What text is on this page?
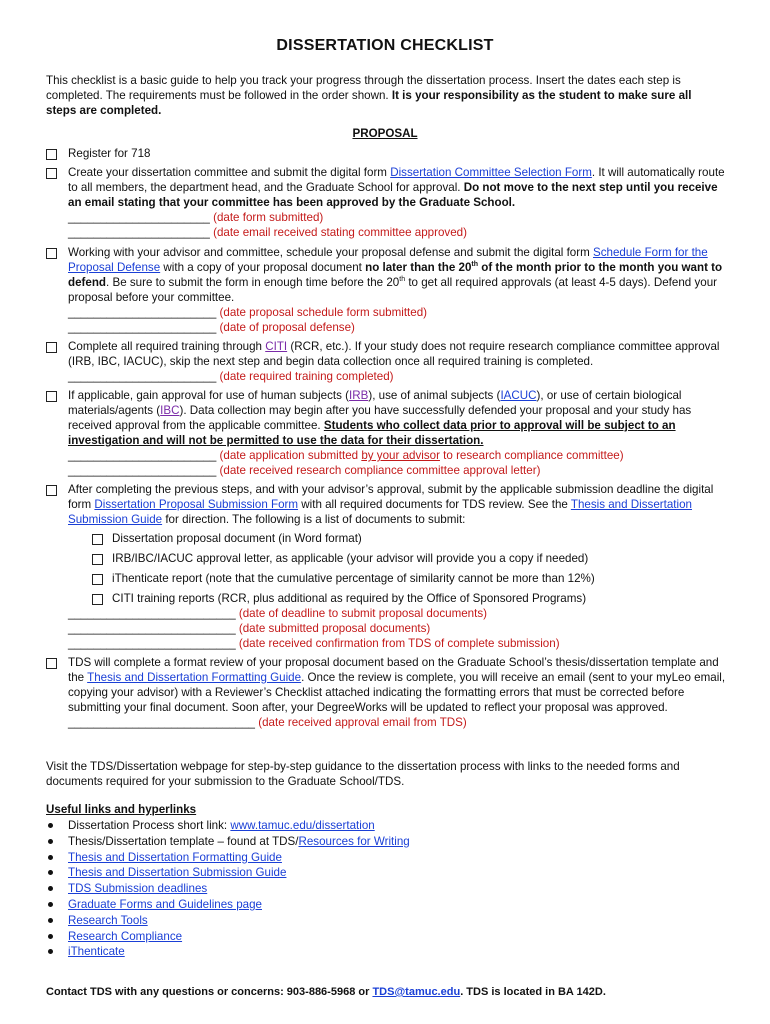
DISSERTATION CHECKLIST

This checklist is a basic guide to help you track your progress through the dissertation process. Insert the dates each step is completed. The requirements must be followed in the order shown. It is your responsibility as the student to make sure all steps are completed.

PROPOSAL

Register for 718
Create your dissertation committee and submit the digital form Dissertation Committee Selection Form. It will automatically route to all members, the department head, and the Graduate School for approval. Do not move to the next step until you receive an email stating that your committee has been approved by the Graduate School.
______________________ (date form submitted)
______________________ (date email received stating committee approved)
Working with your advisor and committee, schedule your proposal defense and submit the digital form Schedule Form for the Proposal Defense with a copy of your proposal document no later than the 20th of the month prior to the month you want to defend. Be sure to submit the form in enough time before the 20th to get all required approvals (at least 4-5 days). Defend your proposal before your committee.
_______________________ (date proposal schedule form submitted)
_______________________ (date of proposal defense)
Complete all required training through CITI (RCR, etc.). If your study does not require research compliance committee approval (IRB, IBC, IACUC), skip the next step and begin data collection once all required training is completed.
_______________________ (date required training completed)
If applicable, gain approval for use of human subjects (IRB), use of animal subjects (IACUC), or use of certain biological materials/agents (IBC). Data collection may begin after you have successfully defended your proposal and your study has received approval from the applicable committee. Students who collect data prior to approval will be subject to an investigation and will not be permitted to use the data for their dissertation.
_______________________ (date application submitted by your advisor to research compliance committee)
_______________________ (date received research compliance committee approval letter)
After completing the previous steps, and with your advisor’s approval, submit by the applicable submission deadline the digital form Dissertation Proposal Submission Form with all required documents for TDS review. See the Thesis and Dissertation Submission Guide for direction. The following is a list of documents to submit:
Dissertation proposal document (in Word format)
IRB/IBC/IACUC approval letter, as applicable (your advisor will provide you a copy if needed)
iThenticate report (note that the cumulative percentage of similarity cannot be more than 12%)
CITI training reports (RCR, plus additional as required by the Office of Sponsored Programs)
__________________________ (date of deadline to submit proposal documents)
__________________________ (date submitted proposal documents)
__________________________ (date received confirmation from TDS of complete submission)
TDS will complete a format review of your proposal document based on the Graduate School’s thesis/dissertation template and the Thesis and Dissertation Formatting Guide. Once the review is complete, you will receive an email (sent to your myLeo email, copying your advisor) with a Reviewer’s Checklist attached indicating the formatting errors that must be corrected before submitting your final document. Soon after, your DegreeWorks will be updated to reflect your proposal was approved.
_____________________________ (date received approval email from TDS)

Visit the TDS/Dissertation webpage for step-by-step guidance to the dissertation process with links to the needed forms and documents required for your submission to the Graduate School/TDS.

Useful links and hyperlinks

Dissertation Process short link: www.tamuc.edu/dissertation
Thesis/Dissertation template – found at TDS/Resources for Writing
Thesis and Dissertation Formatting Guide
Thesis and Dissertation Submission Guide
TDS Submission deadlines
Graduate Forms and Guidelines page
Research Tools
Research Compliance
iThenticate

Contact TDS with any questions or concerns: 903-886-5968 or TDS@tamuc.edu. TDS is located in BA 142D.
